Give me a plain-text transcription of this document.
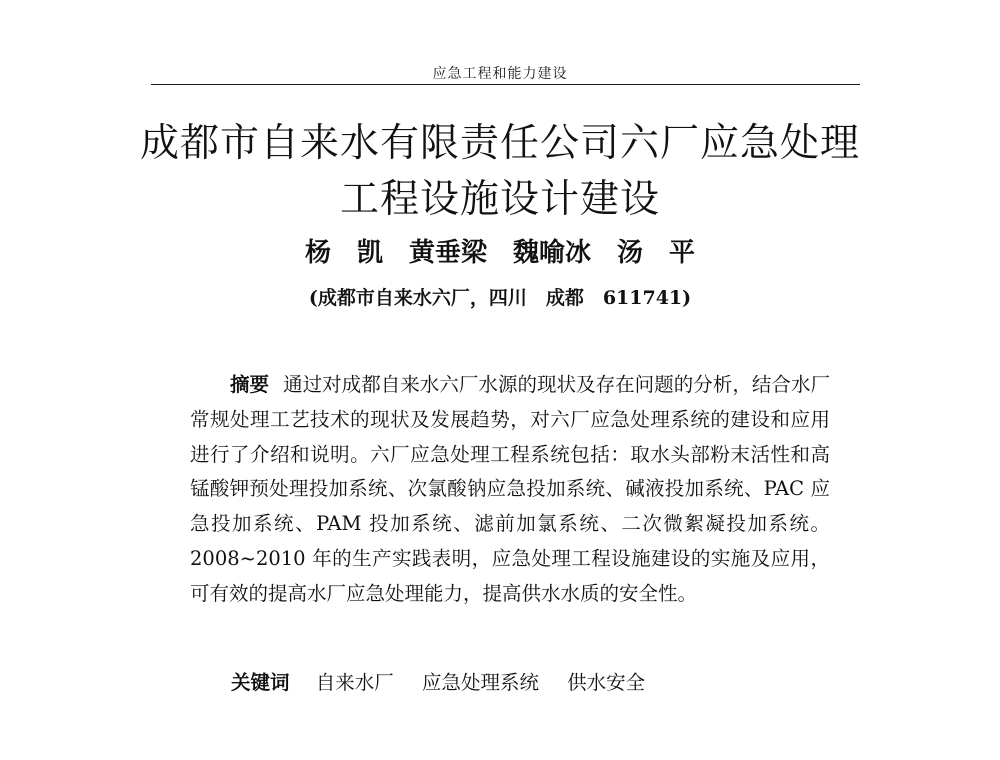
应急工程和能力建设
成都市自来水有限责任公司六厂应急处理
工程设施设计建设
杨　凯　黄垂梁　魏喻冰　汤　平
(成都市自来水六厂，四川　成都　611741)

摘要 通过对成都自来水六厂水源的现状及存在问题的分析，结合水厂常规处理工艺技术的现状及发展趋势，对六厂应急处理系统的建设和应用进行了介绍和说明。六厂应急处理工程系统包括：取水头部粉末活性和高锰酸钾预处理投加系统、次氯酸钠应急投加系统、碱液投加系统、PAC 应急投加系统、PAM 投加系统、滤前加氯系统、二次微絮凝投加系统。2008~2010 年的生产实践表明，应急处理工程设施建设的实施及应用，可有效的提高水厂应急处理能力，提高供水水质的安全性。

关键词 自来水厂 应急处理系统 供水安全
